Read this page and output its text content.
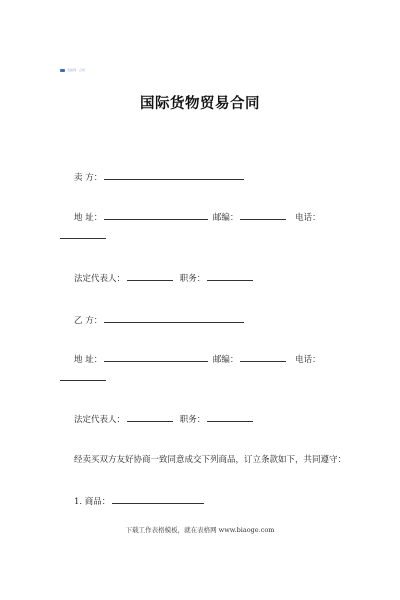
表格网 · 合同
国际货物贸易合同
卖 方：
地 址：	邮编：	电话：
法定代表人：	职务：
乙 方：
地 址：	邮编：	电话：
法定代表人：	职务：
经卖买双方友好协商一致同意成交下列商品，订立条款如下，共同遵守：
1. 商品：
下载工作表格模板，就在表格网 www.biaoge.com
